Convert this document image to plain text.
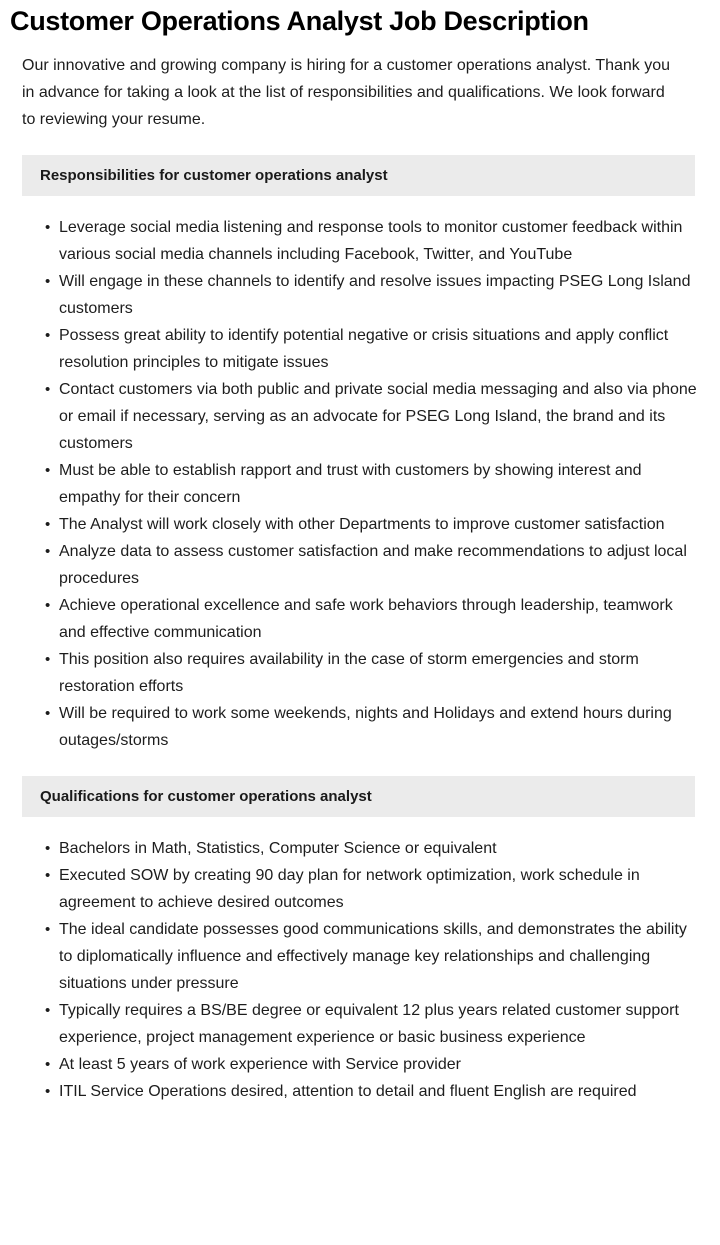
Customer Operations Analyst Job Description

Our innovative and growing company is hiring for a customer operations analyst. Thank you in advance for taking a look at the list of responsibilities and qualifications. We look forward to reviewing your resume.

Responsibilities for customer operations analyst
• Leverage social media listening and response tools to monitor customer feedback within various social media channels including Facebook, Twitter, and YouTube
• Will engage in these channels to identify and resolve issues impacting PSEG Long Island customers
• Possess great ability to identify potential negative or crisis situations and apply conflict resolution principles to mitigate issues
• Contact customers via both public and private social media messaging and also via phone or email if necessary, serving as an advocate for PSEG Long Island, the brand and its customers
• Must be able to establish rapport and trust with customers by showing interest and empathy for their concern
• The Analyst will work closely with other Departments to improve customer satisfaction
• Analyze data to assess customer satisfaction and make recommendations to adjust local procedures
• Achieve operational excellence and safe work behaviors through leadership, teamwork and effective communication
• This position also requires availability in the case of storm emergencies and storm restoration efforts
• Will be required to work some weekends, nights and Holidays and extend hours during outages/storms
Qualifications for customer operations analyst
• Bachelors in Math, Statistics, Computer Science or equivalent
• Executed SOW by creating 90 day plan for network optimization, work schedule in agreement to achieve desired outcomes
• The ideal candidate possesses good communications skills, and demonstrates the ability to diplomatically influence and effectively manage key relationships and challenging situations under pressure
• Typically requires a BS/BE degree or equivalent 12 plus years related customer support experience, project management experience or basic business experience
• At least 5 years of work experience with Service provider
• ITIL Service Operations desired, attention to detail and fluent English are required
